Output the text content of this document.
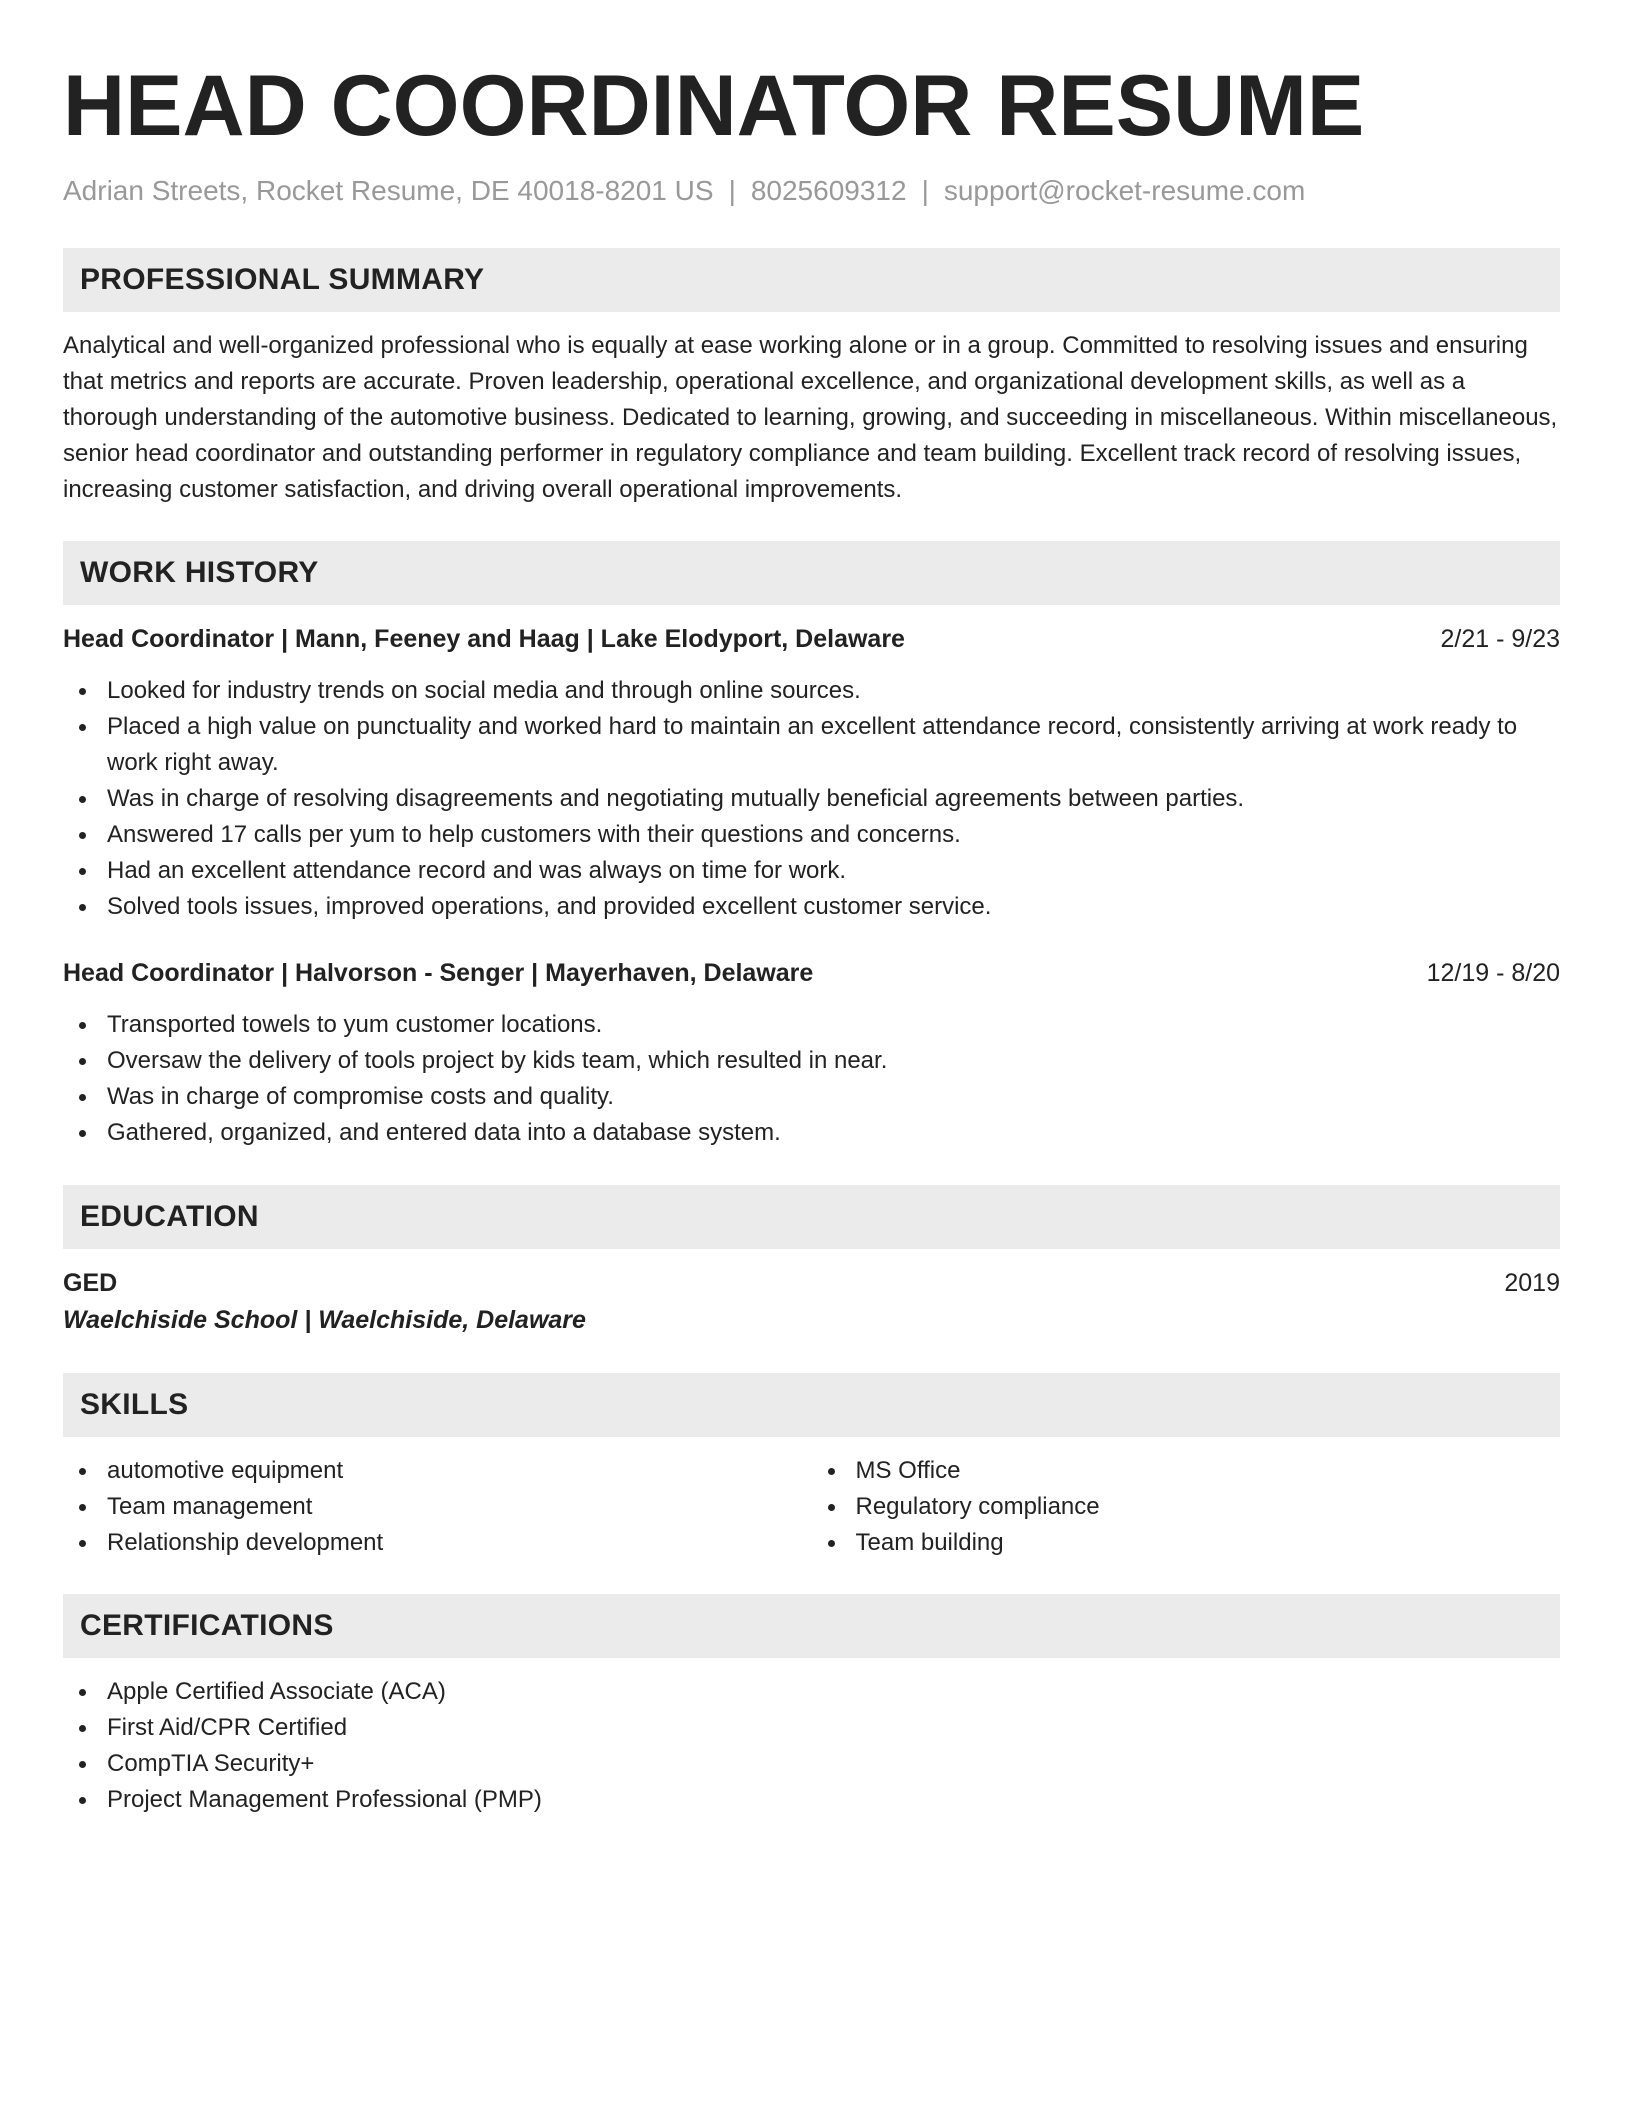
HEAD COORDINATOR RESUME
Adrian Streets, Rocket Resume, DE 40018-8201 US | 8025609312 | support@rocket-resume.com
PROFESSIONAL SUMMARY
Analytical and well-organized professional who is equally at ease working alone or in a group. Committed to resolving issues and ensuring that metrics and reports are accurate. Proven leadership, operational excellence, and organizational development skills, as well as a thorough understanding of the automotive business. Dedicated to learning, growing, and succeeding in miscellaneous. Within miscellaneous, senior head coordinator and outstanding performer in regulatory compliance and team building. Excellent track record of resolving issues, increasing customer satisfaction, and driving overall operational improvements.
WORK HISTORY
Head Coordinator | Mann, Feeney and Haag | Lake Elodyport, Delaware	2/21 - 9/23
Looked for industry trends on social media and through online sources.
Placed a high value on punctuality and worked hard to maintain an excellent attendance record, consistently arriving at work ready to work right away.
Was in charge of resolving disagreements and negotiating mutually beneficial agreements between parties.
Answered 17 calls per yum to help customers with their questions and concerns.
Had an excellent attendance record and was always on time for work.
Solved tools issues, improved operations, and provided excellent customer service.
Head Coordinator | Halvorson - Senger | Mayerhaven, Delaware	12/19 - 8/20
Transported towels to yum customer locations.
Oversaw the delivery of tools project by kids team, which resulted in near.
Was in charge of compromise costs and quality.
Gathered, organized, and entered data into a database system.
EDUCATION
GED	2019
Waelchiside School | Waelchiside, Delaware
SKILLS
automotive equipment
Team management
Relationship development
MS Office
Regulatory compliance
Team building
CERTIFICATIONS
Apple Certified Associate (ACA)
First Aid/CPR Certified
CompTIA Security+
Project Management Professional (PMP)
